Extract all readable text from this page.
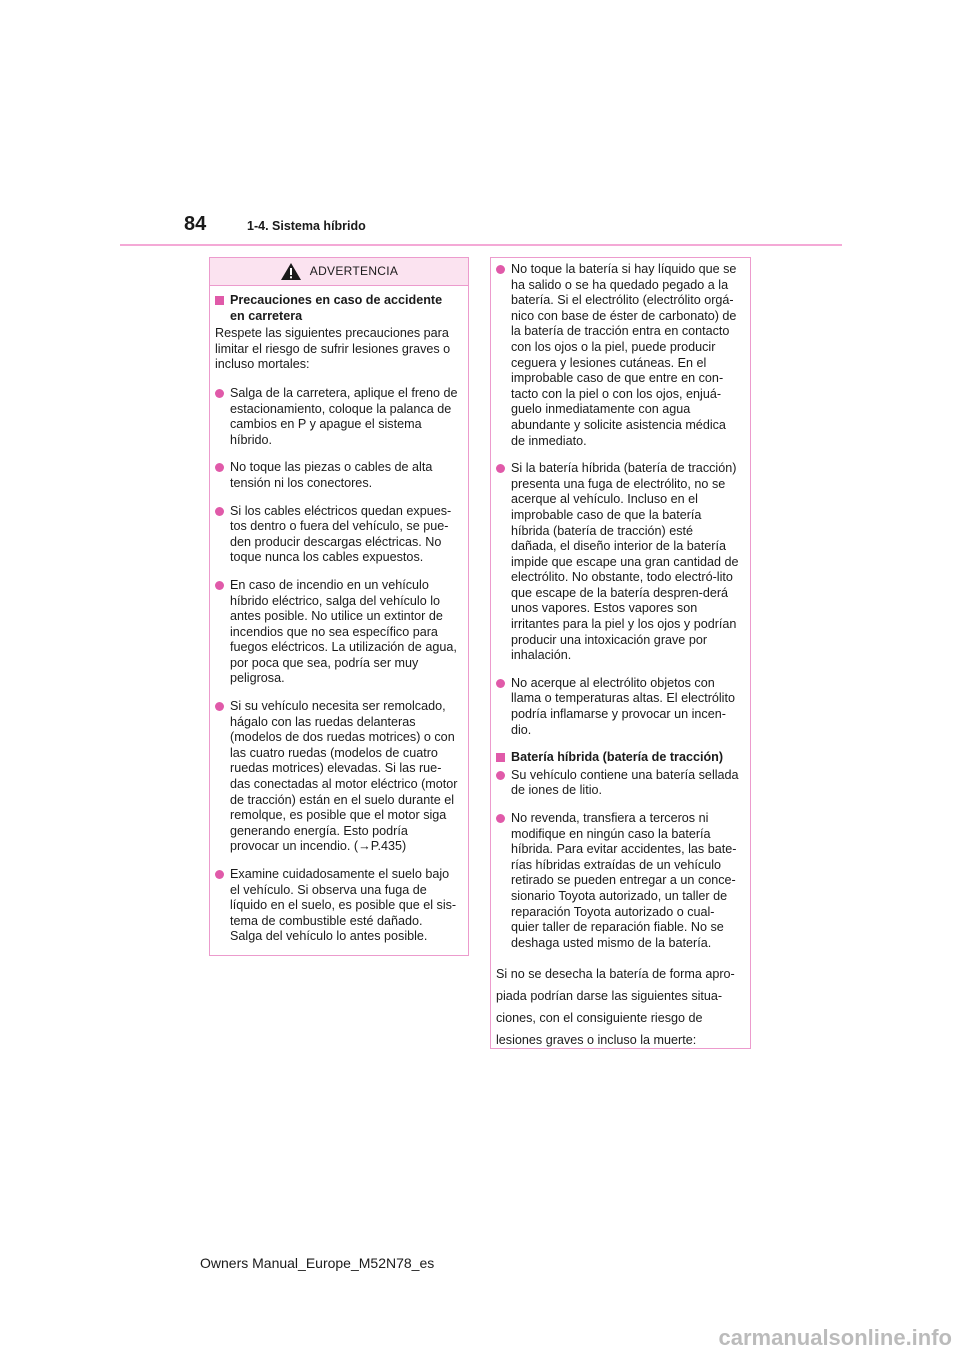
84	1-4. Sistema híbrido
ADVERTENCIA
Precauciones en caso de accidente en carretera

Respete las siguientes precauciones para limitar el riesgo de sufrir lesiones graves o incluso mortales:

Salga de la carretera, aplique el freno de estacionamiento, coloque la palanca de cambios en P y apague el sistema híbrido.
No toque las piezas o cables de alta tensión ni los conectores.
Si los cables eléctricos quedan expues-tos dentro o fuera del vehículo, se pue-den producir descargas eléctricas. No toque nunca los cables expuestos.
En caso de incendio en un vehículo híbrido eléctrico, salga del vehículo lo antes posible. No utilice un extintor de incendios que no sea específico para fuegos eléctricos. La utilización de agua, por poca que sea, podría ser muy peligrosa.
Si su vehículo necesita ser remolcado, hágalo con las ruedas delanteras (modelos de dos ruedas motrices) o con las cuatro ruedas (modelos de cuatro ruedas motrices) elevadas. Si las rue-das conectadas al motor eléctrico (motor de tracción) están en el suelo durante el remolque, es posible que el motor siga generando energía. Esto podría provocar un incendio. (→P.435)
Examine cuidadosamente el suelo bajo el vehículo. Si observa una fuga de líquido en el suelo, es posible que el sis-tema de combustible esté dañado. Salga del vehículo lo antes posible.
No toque la batería si hay líquido que se ha salido o se ha quedado pegado a la batería. Si el electrólito (electrólito orgá-nico con base de éster de carbonato) de la batería de tracción entra en contacto con los ojos o la piel, puede producir ceguera y lesiones cutáneas. En el improbable caso de que entre en con-tacto con la piel o con los ojos, enjuá-guelo inmediatamente con agua abundante y solicite asistencia médica de inmediato.
Si la batería híbrida (batería de tracción) presenta una fuga de electrólito, no se acerque al vehículo. Incluso en el improbable caso de que la batería híbrida (batería de tracción) esté dañada, el diseño interior de la batería impide que escape una gran cantidad de electrólito. No obstante, todo electró-lito que escape de la batería despren-derá unos vapores. Estos vapores son irritantes para la piel y los ojos y podrían producir una intoxicación grave por inhalación.
No acerque al electrólito objetos con llama o temperaturas altas. El electrólito podría inflamarse y provocar un incen-dio.
Batería híbrida (batería de tracción)
Su vehículo contiene una batería sellada de iones de litio.
No revenda, transfiera a terceros ni modifique en ningún caso la batería híbrida. Para evitar accidentes, las bate-rías híbridas extraídas de un vehículo retirado se pueden entregar a un conce-sionario Toyota autorizado, un taller de reparación Toyota autorizado o cual-quier taller de reparación fiable. No se deshaga usted mismo de la batería.

Si no se desecha la batería de forma apro-

piada podrían darse las siguientes situa-

ciones, con el consiguiente riesgo de

lesiones graves o incluso la muerte:

Owners Manual_Europe_M52N78_es
carmanualsonline.info
